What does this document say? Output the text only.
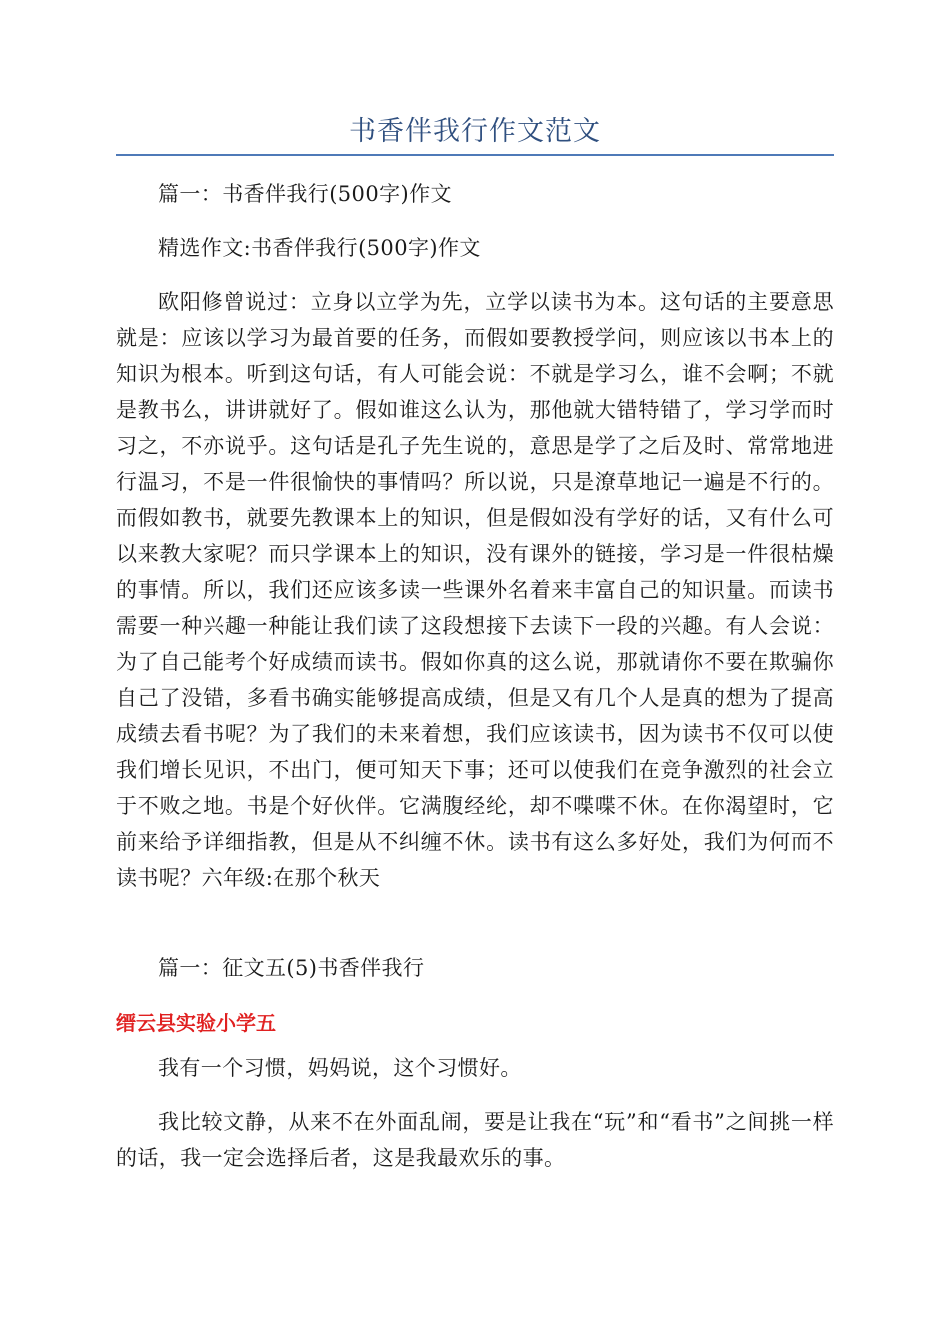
书香伴我行作文范文

篇一：书香伴我行(500字)作文

精选作文:书香伴我行(500字)作文

欧阳修曾说过：立身以立学为先，立学以读书为本。这句话的主要意思就是：应该以学习为最首要的任务，而假如要教授学问，则应该以书本上的知识为根本。听到这句话，有人可能会说：不就是学习么，谁不会啊；不就是教书么，讲讲就好了。假如谁这么认为，那他就大错特错了，学习学而时习之，不亦说乎。这句话是孔子先生说的，意思是学了之后及时、常常地进行温习，不是一件很愉快的事情吗？所以说，只是潦草地记一遍是不行的。而假如教书，就要先教课本上的知识，但是假如没有学好的话，又有什么可以来教大家呢？而只学课本上的知识，没有课外的链接，学习是一件很枯燥的事情。所以，我们还应该多读一些课外名着来丰富自己的知识量。而读书需要一种兴趣一种能让我们读了这段想接下去读下一段的兴趣。有人会说：为了自己能考个好成绩而读书。假如你真的这么说，那就请你不要在欺骗你自己了没错，多看书确实能够提高成绩，但是又有几个人是真的想为了提高成绩去看书呢？为了我们的未来着想，我们应该读书，因为读书不仅可以使我们增长见识，不出门，便可知天下事；还可以使我们在竞争激烈的社会立于不败之地。书是个好伙伴。它满腹经纶，却不喋喋不休。在你渴望时，它前来给予详细指教，但是从不纠缠不休。读书有这么多好处，我们为何而不读书呢？六年级:在那个秋天

篇一：征文五(5)书香伴我行

缙云县实验小学五

我有一个习惯，妈妈说，这个习惯好。

我比较文静，从来不在外面乱闹，要是让我在“玩”和“看书”之间挑一样的话，我一定会选择后者，这是我最欢乐的事。
